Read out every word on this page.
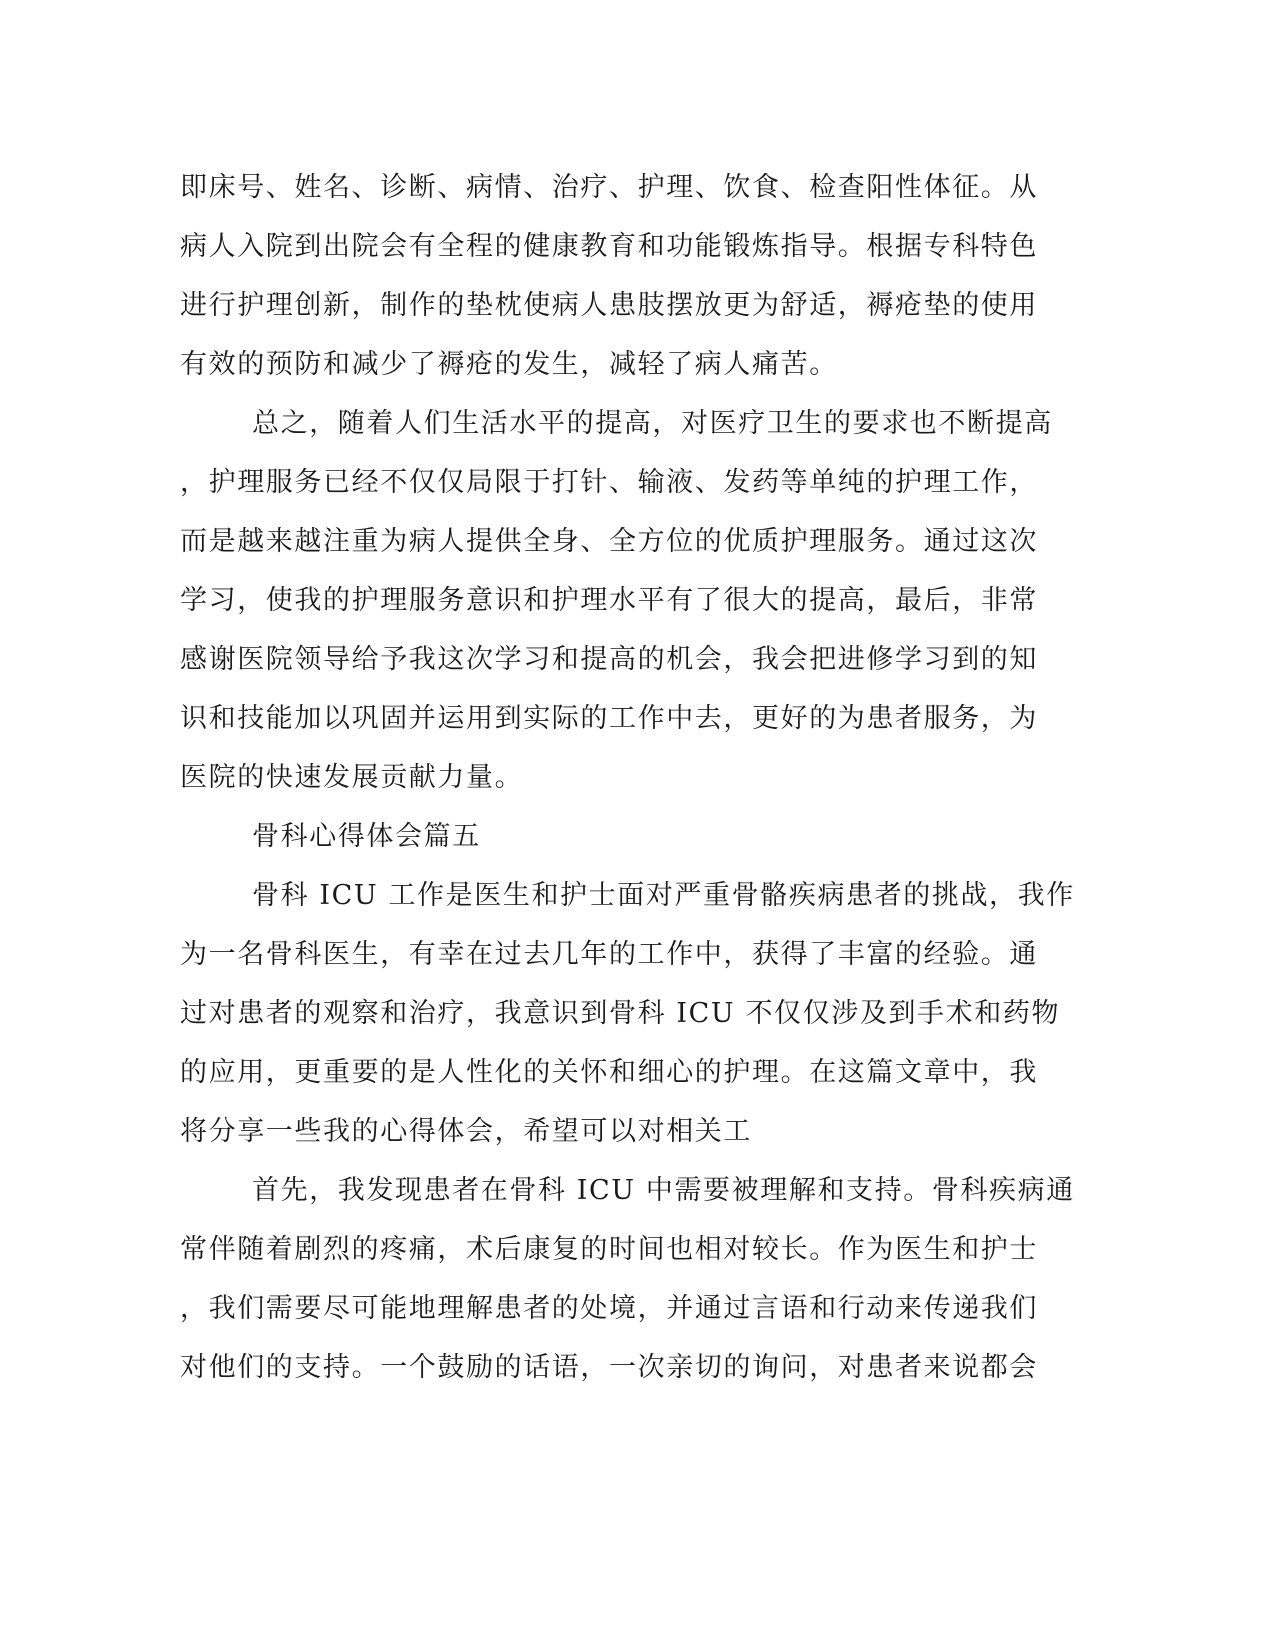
即床号、姓名、诊断、病情、治疗、护理、饮食、检查阳性体征。从
病人入院到出院会有全程的健康教育和功能锻炼指导。根据专科特色
进行护理创新，制作的垫枕使病人患肢摆放更为舒适，褥疮垫的使用
有效的预防和减少了褥疮的发生，减轻了病人痛苦。
总之，随着人们生活水平的提高，对医疗卫生的要求也不断提高
，护理服务已经不仅仅局限于打针、输液、发药等单纯的护理工作，
而是越来越注重为病人提供全身、全方位的优质护理服务。通过这次
学习，使我的护理服务意识和护理水平有了很大的提高，最后，非常
感谢医院领导给予我这次学习和提高的机会，我会把进修学习到的知
识和技能加以巩固并运用到实际的工作中去，更好的为患者服务，为
医院的快速发展贡献力量。
骨科心得体会篇五
骨科 ICU 工作是医生和护士面对严重骨骼疾病患者的挑战，我作
为一名骨科医生，有幸在过去几年的工作中，获得了丰富的经验。通
过对患者的观察和治疗，我意识到骨科 ICU 不仅仅涉及到手术和药物
的应用，更重要的是人性化的关怀和细心的护理。在这篇文章中，我
将分享一些我的心得体会，希望可以对相关工
首先，我发现患者在骨科 ICU 中需要被理解和支持。骨科疾病通
常伴随着剧烈的疼痛，术后康复的时间也相对较长。作为医生和护士
，我们需要尽可能地理解患者的处境，并通过言语和行动来传递我们
对他们的支持。一个鼓励的话语，一次亲切的询问，对患者来说都会
